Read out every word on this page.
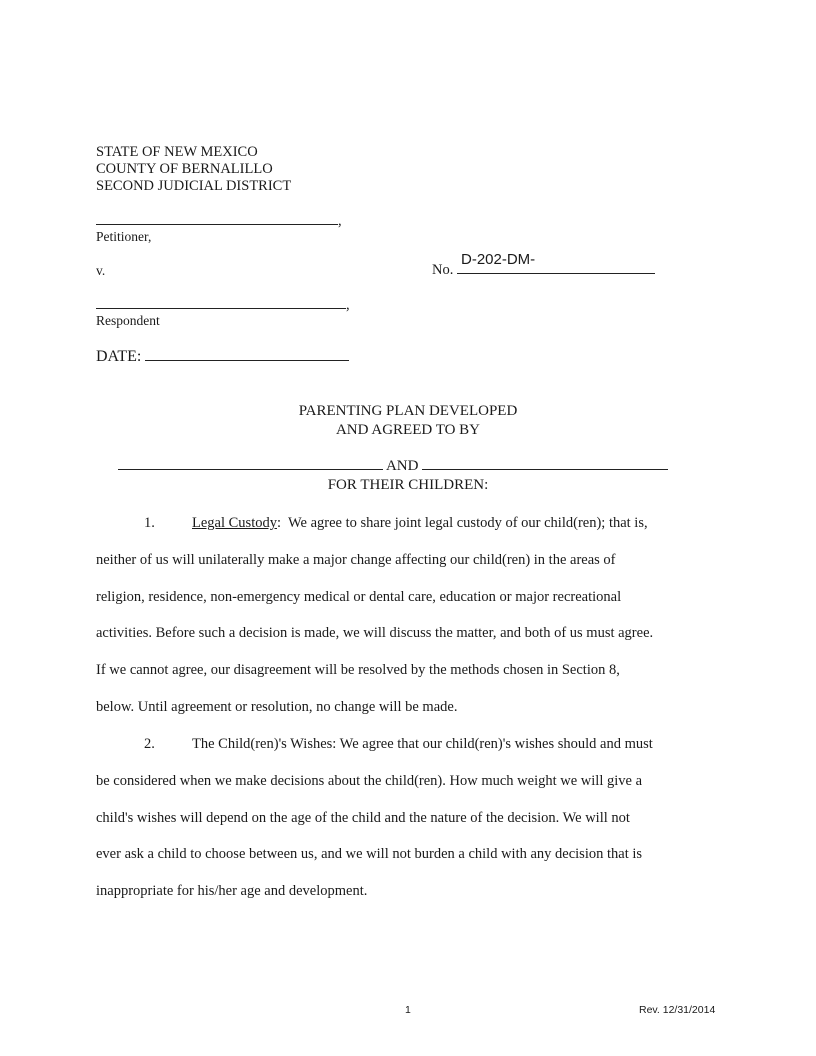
STATE OF NEW MEXICO
COUNTY OF BERNALILLO
SECOND JUDICIAL DISTRICT
,
Petitioner,
v.
D-202-DM-
No.
,
Respondent
DATE:
PARENTING PLAN DEVELOPED
AND AGREED TO BY
AND
FOR THEIR CHILDREN:
1.	Legal Custody:  We agree to share joint legal custody of our child(ren); that is,
neither of us will unilaterally make a major change affecting our child(ren) in the areas of
religion, residence, non-emergency medical or dental care, education or major recreational
activities. Before such a decision is made, we will discuss the matter, and both of us must agree.
If we cannot agree, our disagreement will be resolved by the methods chosen in Section 8,
below. Until agreement or resolution, no change will be made.
2.	The Child(ren)'s Wishes: We agree that our child(ren)'s wishes should and must
be considered when we make decisions about the child(ren). How much weight we will give a
child's wishes will depend on the age of the child and the nature of the decision. We will not
ever ask a child to choose between us, and we will not burden a child with any decision that is
inappropriate for his/her age and development.
1	Rev. 12/31/2014
